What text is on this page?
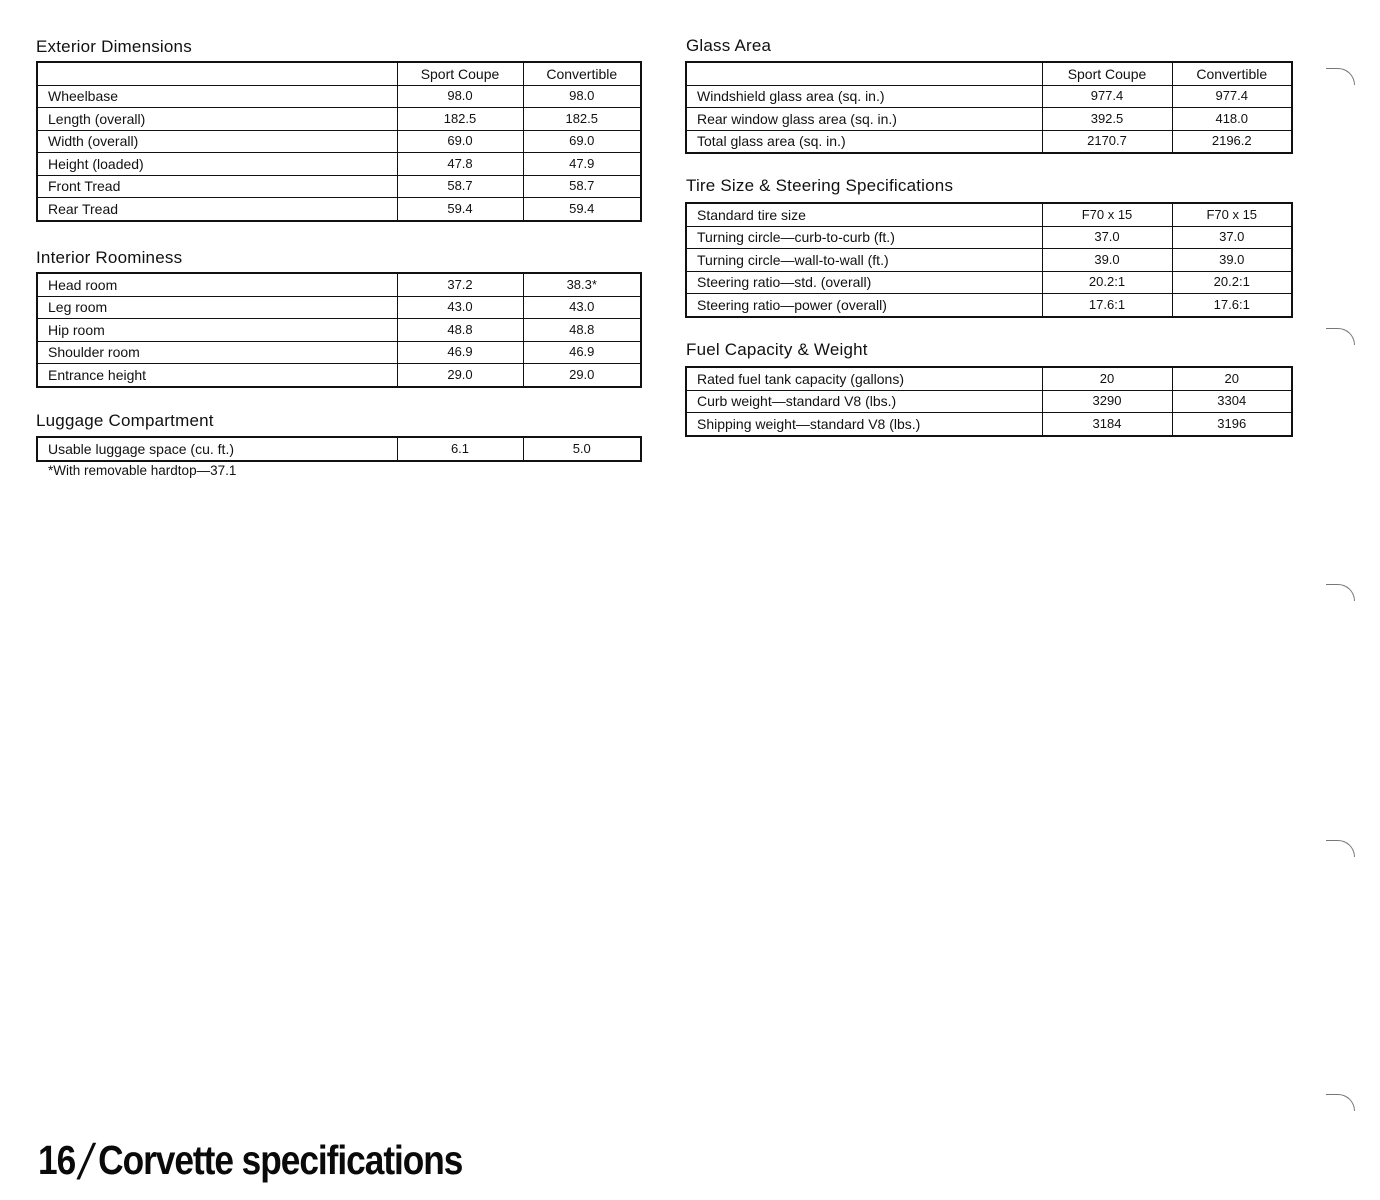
Exterior Dimensions
	Sport Coupe	Convertible
Wheelbase	98.0	98.0
Length (overall)	182.5	182.5
Width (overall)	69.0	69.0
Height (loaded)	47.8	47.9
Front Tread	58.7	58.7
Rear Tread	59.4	59.4
Interior Roominess
Head room	37.2	38.3*
Leg room	43.0	43.0
Hip room	48.8	48.8
Shoulder room	46.9	46.9
Entrance height	29.0	29.0
Luggage Compartment
Usable luggage space (cu. ft.)	6.1	5.0
*With removable hardtop—37.1
Glass Area
	Sport Coupe	Convertible
Windshield glass area (sq. in.)	977.4	977.4
Rear window glass area (sq. in.)	392.5	418.0
Total glass area (sq. in.)	2170.7	2196.2
Tire Size & Steering Specifications
Standard tire size	F70 x 15	F70 x 15
Turning circle—curb-to-curb (ft.)	37.0	37.0
Turning circle—wall-to-wall (ft.)	39.0	39.0
Steering ratio—std. (overall)	20.2:1	20.2:1
Steering ratio—power (overall)	17.6:1	17.6:1
Fuel Capacity & Weight
Rated fuel tank capacity (gallons)	20	20
Curb weight—standard V8 (lbs.)	3290	3304
Shipping weight—standard V8 (lbs.)	3184	3196
16/Corvette specifications
